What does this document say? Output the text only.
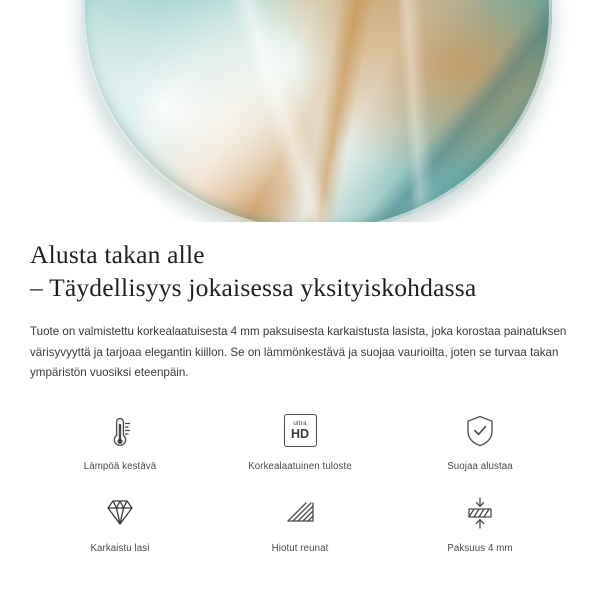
Alusta takan alle
– Täydellisyys jokaisessa yksityiskohdassa

Tuote on valmistettu korkealaatuisesta 4 mm paksuisesta karkaistusta lasista, joka korostaa painatuksen värisyvyyttä ja tarjoaa elegantin kiillon. Se on lämmönkestävä ja suojaa vaurioilta, joten se turvaa takan ympäristön vuosiksi eteenpäin.

Lämpöä kestävä
ultra
HD
Korkealaatuinen tuloste	Suojaa alustaa
Karkaistu lasi	Hiotut reunat	Paksuus 4 mm
